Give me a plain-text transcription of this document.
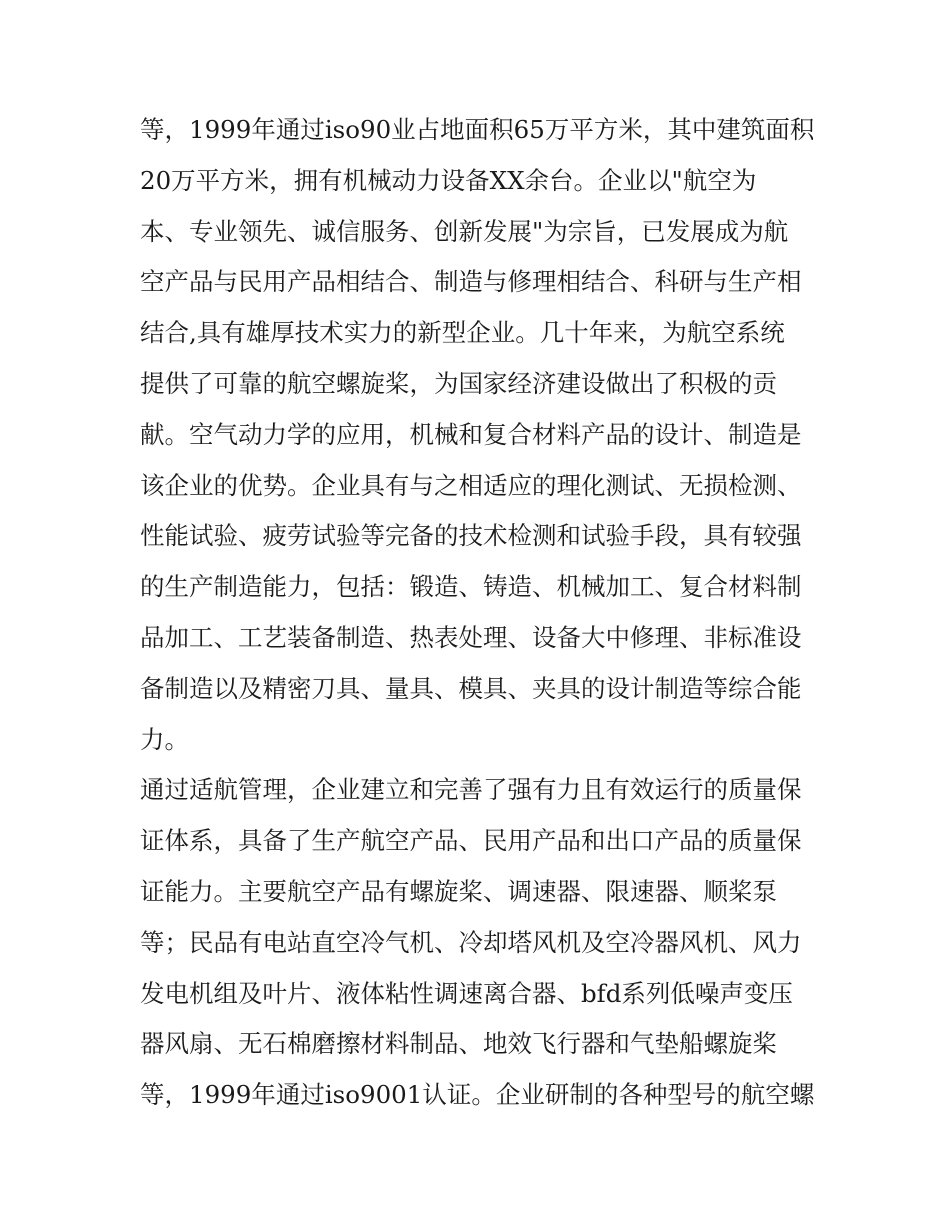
等，1999年通过iso90业占地面积65万平方米，其中建筑面积
20万平方米，拥有机械动力设备XX余台。企业以"航空为
本、专业领先、诚信服务、创新发展"为宗旨，已发展成为航
空产品与民用产品相结合、制造与修理相结合、科研与生产相
结合,具有雄厚技术实力的新型企业。几十年来，为航空系统
提供了可靠的航空螺旋桨，为国家经济建设做出了积极的贡
献。空气动力学的应用，机械和复合材料产品的设计、制造是
该企业的优势。企业具有与之相适应的理化测试、无损检测、
性能试验、疲劳试验等完备的技术检测和试验手段，具有较强
的生产制造能力，包括：锻造、铸造、机械加工、复合材料制
品加工、工艺装备制造、热表处理、设备大中修理、非标准设
备制造以及精密刀具、量具、模具、夹具的设计制造等综合能
力。
通过适航管理，企业建立和完善了强有力且有效运行的质量保
证体系，具备了生产航空产品、民用产品和出口产品的质量保
证能力。主要航空产品有螺旋桨、调速器、限速器、顺桨泵
等；民品有电站直空冷气机、冷却塔风机及空冷器风机、风力
发电机组及叶片、液体粘性调速离合器、bfd系列低噪声变压
器风扇、无石棉磨擦材料制品、地效飞行器和气垫船螺旋桨
等，1999年通过iso9001认证。企业研制的各种型号的航空螺
